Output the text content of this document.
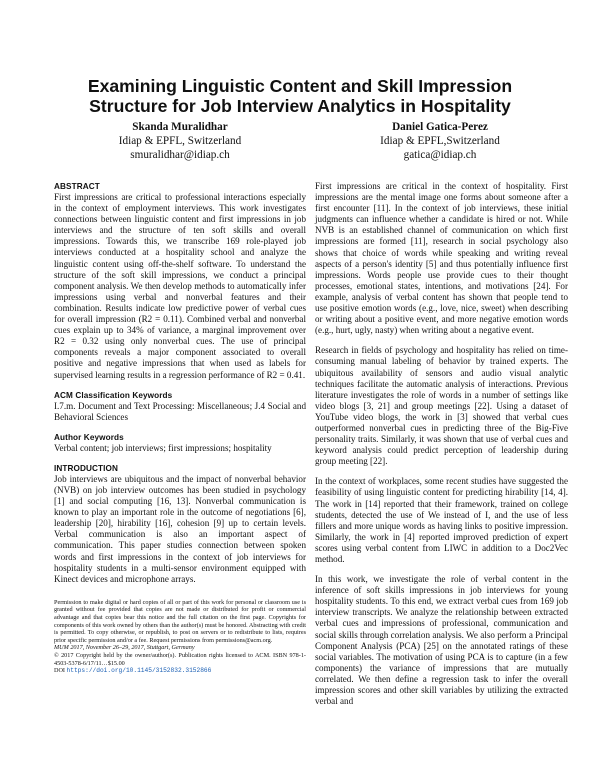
Examining Linguistic Content and Skill Impression
Structure for Job Interview Analytics in Hospitality
Skanda Muralidhar
Idiap & EPFL, Switzerland
smuralidhar@idiap.ch
Daniel Gatica-Perez
Idiap & EPFL,Switzerland
gatica@idiap.ch
ABSTRACT

First impressions are critical to professional interactions especially in the context of employment interviews. This work investigates connections between linguistic content and first impressions in job interviews and the structure of ten soft skills and overall impressions. Towards this, we transcribe 169 role-played job interviews conducted at a hospitality school and analyze the linguistic content using off-the-shelf software. To understand the structure of the soft skill impressions, we conduct a principal component analysis. We then develop methods to automatically infer impressions using verbal and nonverbal features and their combination. Results indicate low predictive power of verbal cues for overall impression (R2 = 0.11). Combined verbal and nonverbal cues explain up to 34% of variance, a marginal improvement over R2 = 0.32 using only nonverbal cues. The use of principal components reveals a major component associated to overall positive and negative impressions that when used as labels for supervised learning results in a regression performance of R2 = 0.41.

ACM Classification Keywords

I.7.m. Document and Text Processing: Miscellaneous; J.4 Social and Behavioral Sciences

Author Keywords

Verbal content; job interviews; first impressions; hospitality

INTRODUCTION

Job interviews are ubiquitous and the impact of nonverbal behavior (NVB) on job interview outcomes has been studied in psychology [1] and social computing [16, 13]. Nonverbal communication is known to play an important role in the outcome of negotiations [6], leadership [20], hirability [16], cohesion [9] up to certain levels. Verbal communication is also an important aspect of communication. This paper studies connection between spoken words and first impressions in the context of job interviews for hospitality students in a multi-sensor environment equipped with Kinect devices and microphone arrays.

Permission to make digital or hard copies of all or part of this work for personal or classroom use is granted without fee provided that copies are not made or distributed for profit or commercial advantage and that copies bear this notice and the full citation on the first page. Copyrights for components of this work owned by others than the author(s) must be honored. Abstracting with credit is permitted. To copy otherwise, or republish, to post on servers or to redistribute to lists, requires prior specific permission and/or a fee. Request permissions from permissions@acm.org.

MUM 2017, November 26–29, 2017, Stuttgart, Germany

© 2017 Copyright held by the owner/author(s). Publication rights licensed to ACM. ISBN 978-1-4503-5378-6/17/11…$15.00

DOI https://doi.org/10.1145/3152832.3152866

First impressions are critical in the context of hospitality. First impressions are the mental image one forms about someone after a first encounter [11]. In the context of job interviews, these initial judgments can influence whether a candidate is hired or not. While NVB is an established channel of communication on which first impressions are formed [11], research in social psychology also shows that choice of words while speaking and writing reveal aspects of a person's identity [5] and thus potentially influence first impressions. Words people use provide cues to their thought processes, emotional states, intentions, and motivations [24]. For example, analysis of verbal content has shown that people tend to use positive emotion words (e.g., love, nice, sweet) when describing or writing about a positive event, and more negative emotion words (e.g., hurt, ugly, nasty) when writing about a negative event.

Research in fields of psychology and hospitality has relied on time-consuming manual labeling of behavior by trained experts. The ubiquitous availability of sensors and audio visual analytic techniques facilitate the automatic analysis of interactions. Previous literature investigates the role of words in a number of settings like video blogs [3, 21] and group meetings [22]. Using a dataset of YouTube video blogs, the work in [3] showed that verbal cues outperformed nonverbal cues in predicting three of the Big-Five personality traits. Similarly, it was shown that use of verbal cues and keyword analysis could predict perception of leadership during group meeting [22].

In the context of workplaces, some recent studies have suggested the feasibility of using linguistic content for predicting hirability [14, 4]. The work in [14] reported that their framework, trained on college students, detected the use of We instead of I, and the use of less fillers and more unique words as having links to positive impression. Similarly, the work in [4] reported improved prediction of expert scores using verbal content from LIWC in addition to a Doc2Vec method.

In this work, we investigate the role of verbal content in the inference of soft skills impressions in job interviews for young hospitality students. To this end, we extract verbal cues from 169 job interview transcripts. We analyze the relationship between extracted verbal cues and impressions of professional, communication and social skills through correlation analysis. We also perform a Principal Component Analysis (PCA) [25] on the annotated ratings of these social variables. The motivation of using PCA is to capture (in a few components) the variance of impressions that are mutually correlated. We then define a regression task to infer the overall impression scores and other skill variables by utilizing the extracted verbal and
